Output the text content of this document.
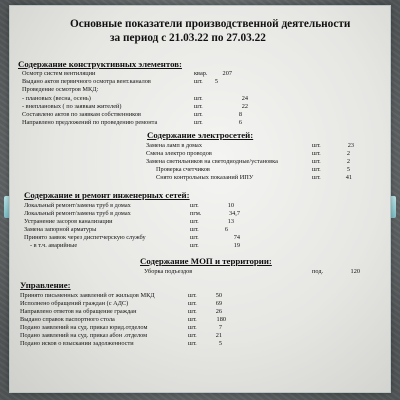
Основные показатели производственной деятельности
за период с 21.03.22 по 27.03.22
Содержание конструктивных элементов:
Осмотр систем вентиляции	квар.	207
Выдано актов первичного осмотра вент.каналов	шт.	5
Проведение осмотров МКД:
- плановых (весна, осень)	шт.	24
- внеплановых ( по заявкам жителей)	шт.	22
Составлено актов по заявкам собственников	шт.	8
Направлено предложений по проведению ремонта	шт.	6
Содержание электросетей:
Замена ламп в домах	шт.	23
Смена электро проводов	шт.	2
Замена светильников на светодиодные/установка	шт.	2
Проверка счетчиков	шт.	5
Снято контрольных показаний ИПУ	шт.	41
Содержание и ремонт инженерных сетей:
Локальный ремонт/замена труб в домах	шт.	10
Локальный ремонт/замена труб в домах	пгм.	34,7
Устранение засоров канализации	шт.	13
Замена запорной арматуры	шт.	6
Принято заявок через диспетчерскую службу	шт.	74
- в т.ч. аварийные	шт.	19
Содержание МОП и территории:
Уборка подъездов	под.	120
Управление:
Принято письменных заявлений от жильцов МКД	шт.	50
Исполнено обращений граждан (с АДС)	шт.	69
Направлено ответов на обращение граждан	шт.	26
Выдано справок паспортного стола	шт.	180
Подано заявлений на суд. приказ юрид.отделом	шт.	7
Подано заявлений на суд. приказ абон .отделом	шт.	21
Подано исков о взыскании задолженности	шт.	5
